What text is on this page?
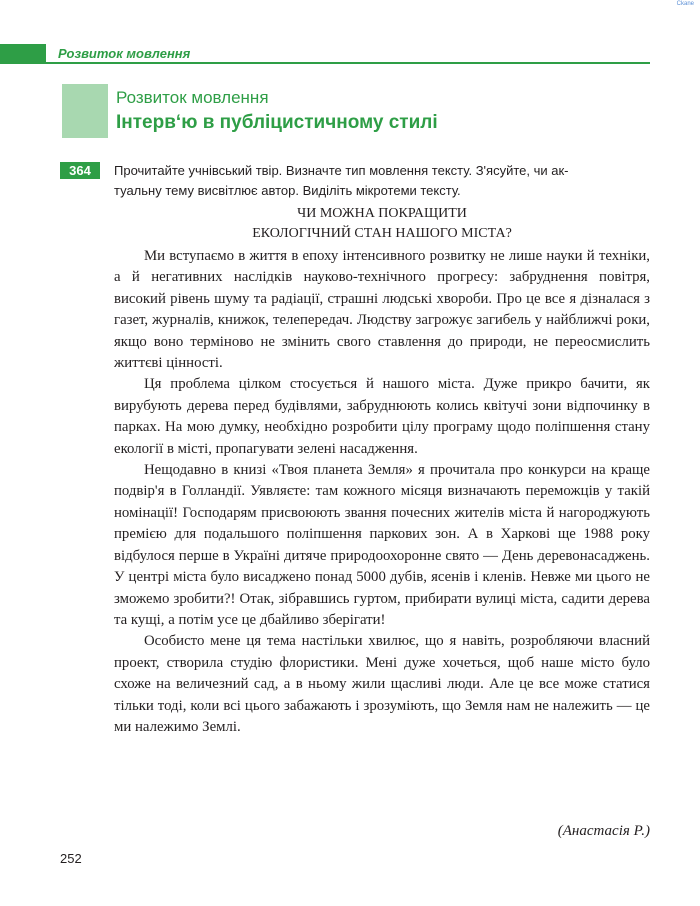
Сkаnе
Розвиток мовлення
Розвиток мовлення
Інтерв‘ю в публіцистичному стилі
364	Прочитайте учнівський твір. Визначте тип мовлення тексту. З'ясуйте, чи ак-

туальну тему висвітлює автор. Виділіть мікротеми тексту.

ЧИ МОЖНА ПОКРАЩИТИ
ЕКОЛОГІЧНИЙ СТАН НАШОГО МІСТА?

Ми вступаємо в життя в епоху інтенсивного розвитку не лише науки й техніки, а й негативних наслідків науково-технічного прогресу: забруднення повітря, високий рівень шуму та радіації, страшні людські хвороби. Про це все я дізналася з газет, журналів, книжок, телепередач. Людству загрожує загибель у найближчі роки, якщо воно терміново не змінить свого ставлення до природи, не переосмислить життєві цінності.

Ця проблема цілком стосується й нашого міста. Дуже прикро бачити, як вирубують дерева перед будівлями, забруднюють колись квітучі зони відпочинку в парках. На мою думку, необхідно розробити цілу програму щодо поліпшення стану екології в місті, пропагувати зелені насадження.

Нещодавно в книзі «Твоя планета Земля» я прочитала про конкурси на краще подвір'я в Голландії. Уявляєте: там кожного місяця визначають переможців у такій номінації! Господарям присвоюють звання почесних жителів міста й нагороджують премією для подальшого поліпшення паркових зон. А в Харкові ще 1988 року відбулося перше в Україні дитяче природоохоронне свято — День деревонасаджень. У центрі міста було висаджено понад 5000 дубів, ясенів і кленів. Невже ми цього не зможемо зробити?! Отак, зібравшись гуртом, прибирати вулиці міста, садити дерева та кущі, а потім усе це дбайливо зберігати!

Особисто мене ця тема настільки хвилює, що я навіть, розробляючи власний проект, створила студію флористики. Мені дуже хочеться, щоб наше місто було схоже на величезний сад, а в ньому жили щасливі люди. Але це все може статися тільки тоді, коли всі цього забажають і зрозуміють, що Земля нам не належить — це ми належимо Землі.

(Анастасія Р.)
252
